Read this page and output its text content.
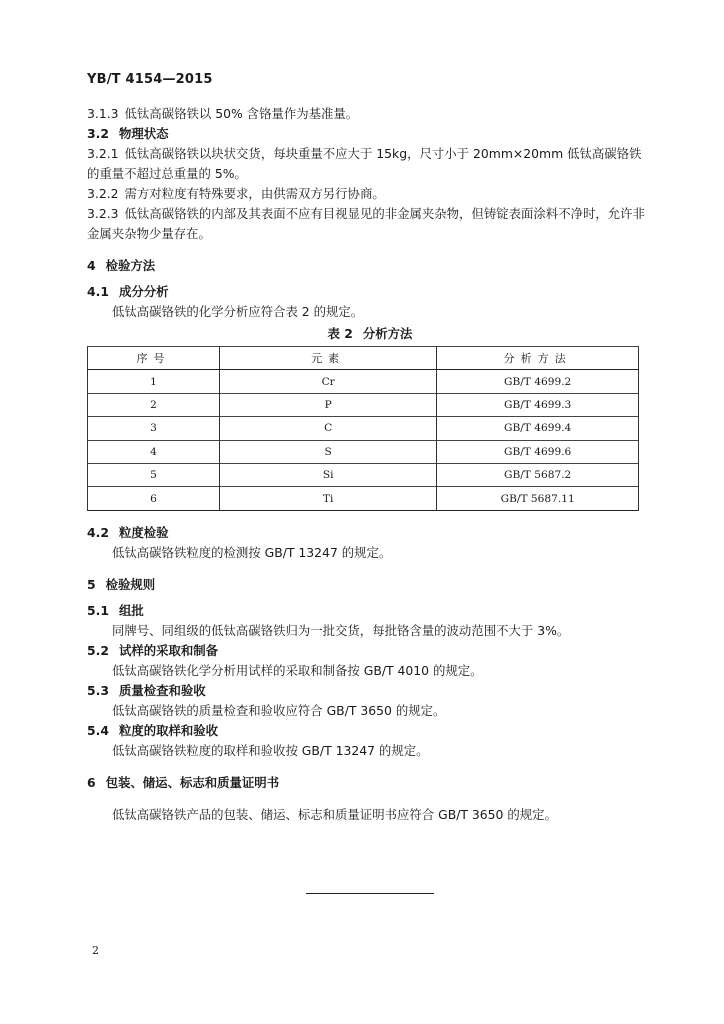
YB/T 4154—2015

3.1.3 低钛高碳铬铁以 50% 含铬量作为基准量。

3.2 物理状态

3.2.1 低钛高碳铬铁以块状交货，每块重量不应大于 15kg，尺寸小于 20mm×20mm 低钛高碳铬铁的重量不超过总重量的 5%。

3.2.2 需方对粒度有特殊要求，由供需双方另行协商。

3.2.3 低钛高碳铬铁的内部及其表面不应有目视显见的非金属夹杂物，但铸锭表面涂料不净时，允许非金属夹杂物少量存在。

4 检验方法

4.1 成分分析

低钛高碳铬铁的化学分析应符合表 2 的规定。

表 2 分析方法

序号	元素	分析方法
1	Cr	GB/T 4699.2
2	P	GB/T 4699.3
3	C	GB/T 4699.4
4	S	GB/T 4699.6
5	Si	GB/T 5687.2
6	Ti	GB/T 5687.11

4.2 粒度检验

低钛高碳铬铁粒度的检测按 GB/T 13247 的规定。

5 检验规则

5.1 组批

同牌号、同组级的低钛高碳铬铁归为一批交货，每批铬含量的波动范围不大于 3%。

5.2 试样的采取和制备

低钛高碳铬铁化学分析用试样的采取和制备按 GB/T 4010 的规定。

5.3 质量检查和验收

低钛高碳铬铁的质量检查和验收应符合 GB/T 3650 的规定。

5.4 粒度的取样和验收

低钛高碳铬铁粒度的取样和验收按 GB/T 13247 的规定。

6 包装、储运、标志和质量证明书

低钛高碳铬铁产品的包装、储运、标志和质量证明书应符合 GB/T 3650 的规定。

2
